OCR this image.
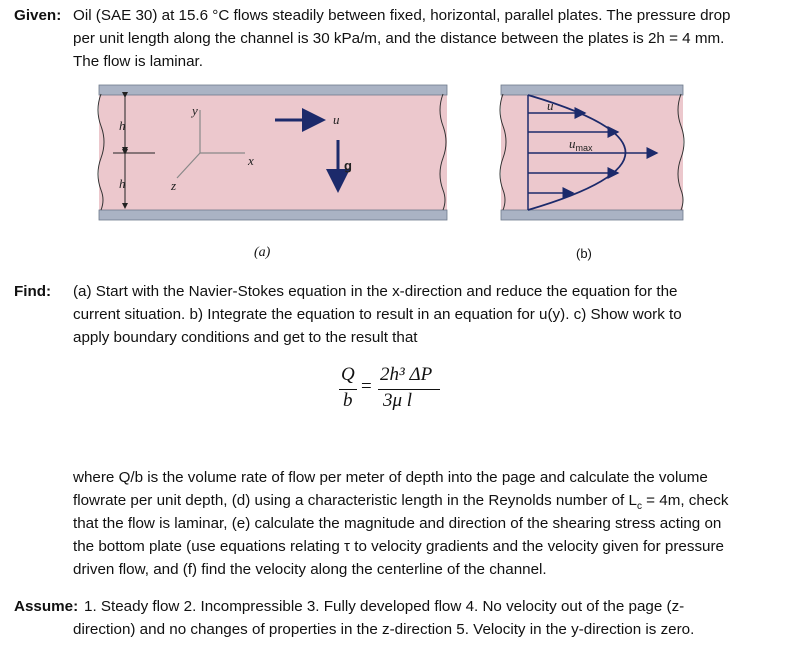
Given: Oil (SAE 30) at 15.6 °C flows steadily between fixed, horizontal, parallel plates. The pressure drop
per unit length along the channel is 30 kPa/m, and the distance between the plates is 2h = 4 mm.
The flow is laminar.
h
h
y
x
z
u
g
u
$u_{max}$
(a)	(b)
Find: (a) Start with the Navier-Stokes equation in the x-direction and reduce the equation for the
current situation. b) Integrate the equation to result in an equation for u(y). c) Show work to
apply boundary conditions and get to the result that
Q
b
=
2h³ ΔP
3μ l
where Q/b is the volume rate of flow per meter of depth into the page and calculate the volume
flowrate per unit depth, (d) using a characteristic length in the Reynolds number of $L_c = 4m$, check
that the flow is laminar, (e) calculate the magnitude and direction of the shearing stress acting on
the bottom plate (use equations relating τ to velocity gradients and the velocity given for pressure
driven flow, and (f) find the velocity along the centerline of the channel.
Assume: 1. Steady flow 2. Incompressible 3. Fully developed flow 4. No velocity out of the page (z-
direction) and no changes of properties in the z-direction 5. Velocity in the y-direction is zero.
